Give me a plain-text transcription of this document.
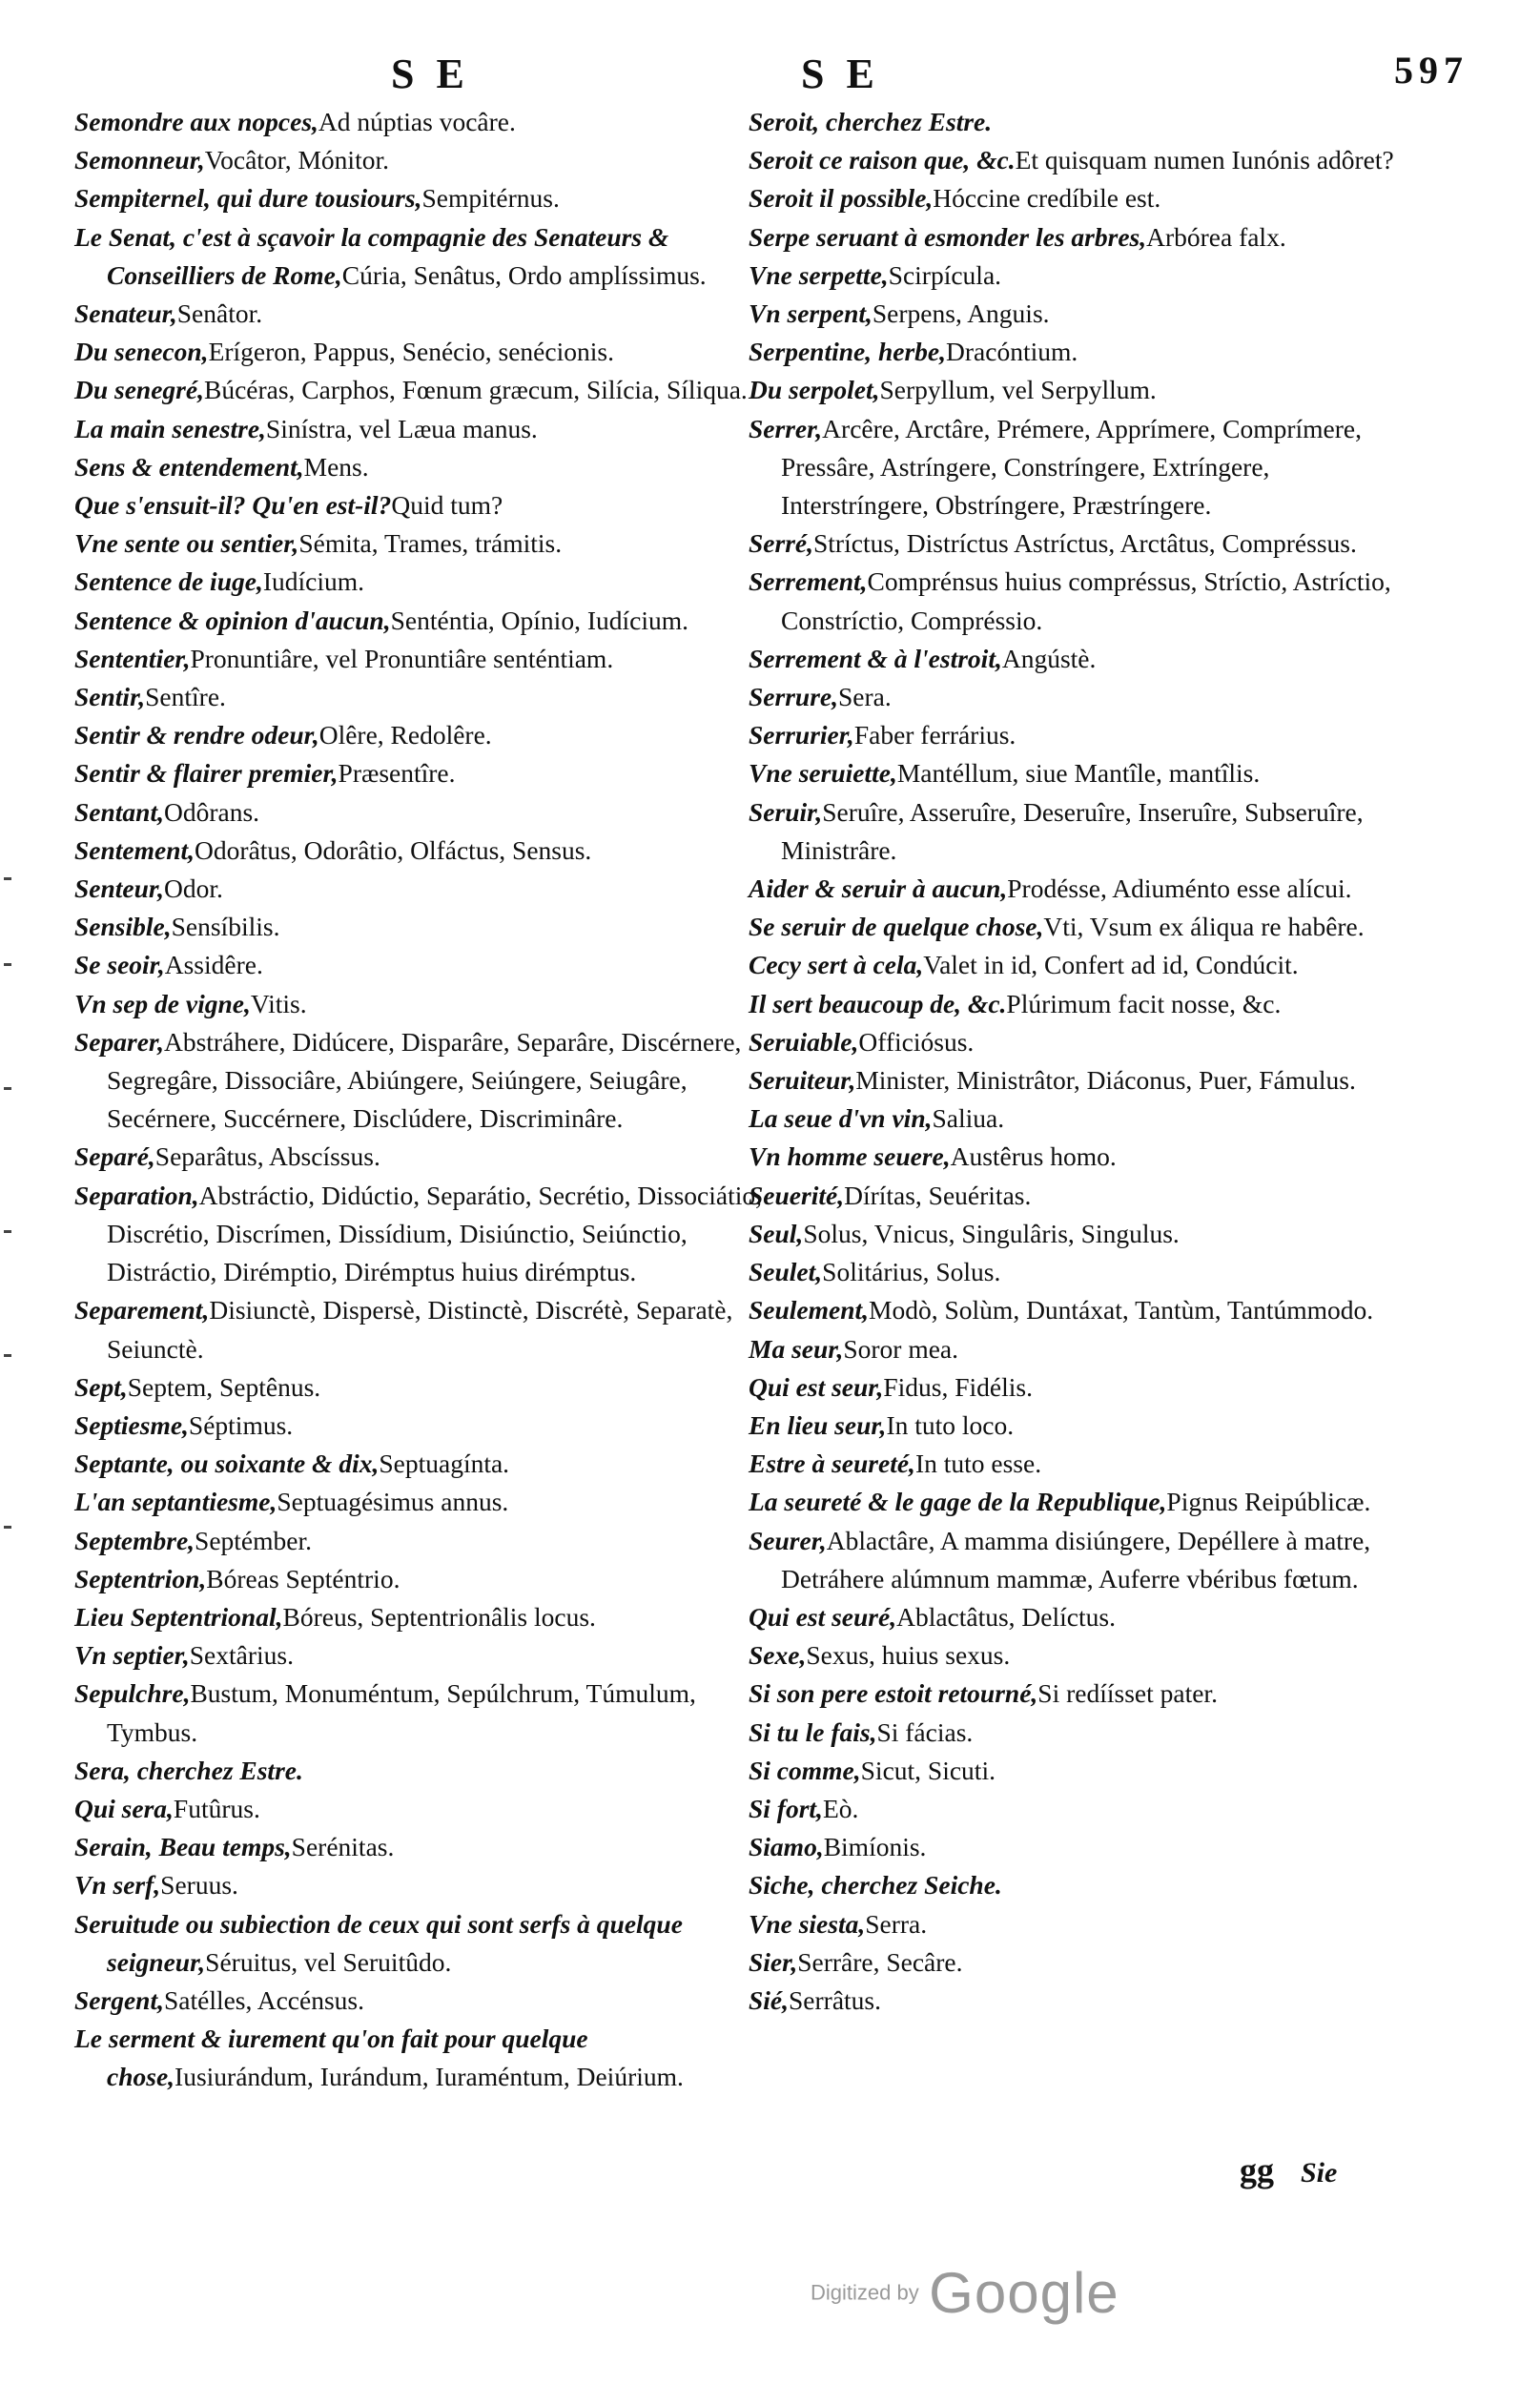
S E	S E	597

Semondre aux nopces,Ad núptias vocâre.

Semonneur,Vocâtor, Mónitor.

Sempiternel, qui dure tousiours,Sempitérnus.

Le Senat, c'est à sçavoir la compagnie des Senateurs & Conseilliers de Rome,Cúria, Senâtus, Ordo amplíssimus.

Senateur,Senâtor.

Du senecon,Erígeron, Pappus, Senécio, senécionis.

Du senegré,Búcéras, Carphos, Fœnum græcum, Silícia, Síliqua.

La main senestre,Sinístra, vel Læua manus.

Sens & entendement,Mens.

Que s'ensuit-il? Qu'en est-il?Quid tum?

Vne sente ou sentier,Sémita, Trames, trámitis.

Sentence de iuge,Iudícium.

Sentence & opinion d'aucun,Senténtia, Opínio, Iudícium.

Sententier,Pronuntiâre, vel Pronuntiâre senténtiam.

Sentir,Sentîre.

Sentir & rendre odeur,Olêre, Redolêre.

Sentir & flairer premier,Præsentîre.

Sentant,Odôrans.

Sentement,Odorâtus, Odorâtio, Olfáctus, Sensus.

Senteur,Odor.

Sensible,Sensíbilis.

Se seoir,Assidêre.

Vn sep de vigne,Vitis.

Separer,Abstráhere, Didúcere, Disparâre, Separâre, Discérnere, Segregâre, Dissociâre, Abiúngere, Seiúngere, Seiugâre, Secérnere, Succérnere, Disclúdere, Discriminâre.

Separé,Separâtus, Abscíssus.

Separation,Abstráctio, Didúctio, Separátio, Secrétio, Dissociátio, Discrétio, Discrímen, Dissídium, Disiúnctio, Seiúnctio, Distráctio, Dirémptio, Dirémptus huius dirémptus.

Separement,Disiunctè, Dispersè, Distinctè, Discrétè, Separatè, Seiunctè.

Sept,Septem, Septênus.

Septiesme,Séptimus.

Septante, ou soixante & dix,Septuagínta.

L'an septantiesme,Septuagésimus annus.

Septembre,Septémber.

Septentrion,Bóreas Septéntrio.

Lieu Septentrional,Bóreus, Septentrionâlis locus.

Vn septier,Sextârius.

Sepulchre,Bustum, Monuméntum, Sepúlchrum, Túmulum, Tymbus.

Sera, cherchez Estre.

Qui sera,Futûrus.

Serain, Beau temps,Serénitas.

Vn serf,Seruus.

Seruitude ou subiection de ceux qui sont serfs à quelque seigneur,Séruitus, vel Seruitûdo.

Sergent,Satélles, Accénsus.

Le serment & iurement qu'on fait pour quelque chose,Iusiurándum, Iurándum, Iuraméntum, Deiúrium.

Seroit, cherchez Estre.

Seroit ce raison que, &c.Et quisquam numen Iunónis adôret?

Seroit il possible,Hóccine credíbile est.

Serpe seruant à esmonder les arbres,Arbórea falx.

Vne serpette,Scirpícula.

Vn serpent,Serpens, Anguis.

Serpentine, herbe,Dracóntium.

Du serpolet,Serpyllum, vel Serpyllum.

Serrer,Arcêre, Arctâre, Prémere, Apprímere, Comprímere, Pressâre, Astríngere, Constríngere, Extríngere, Interstríngere, Obstríngere, Præstríngere.

Serré,Stríctus, Distríctus Astríctus, Arctâtus, Compréssus.

Serrement,Comprénsus huius compréssus, Stríctio, Astríctio, Constríctio, Compréssio.

Serrement & à l'estroit,Angústè.

Serrure,Sera.

Serrurier,Faber ferrárius.

Vne seruiette,Mantéllum, siue Mantîle, mantîlis.

Seruir,Seruîre, Asseruîre, Deseruîre, Inseruîre, Subseruîre, Ministrâre.

Aider & seruir à aucun,Prodésse, Adiuménto esse alícui.

Se seruir de quelque chose,Vti, Vsum ex áliqua re habêre.

Cecy sert à cela,Valet in id, Confert ad id, Condúcit.

Il sert beaucoup de, &c.Plúrimum facit nosse, &c.

Seruiable,Officiósus.

Seruiteur,Minister, Ministrâtor, Diáconus, Puer, Fámulus.

La seue d'vn vin,Saliua.

Vn homme seuere,Austêrus homo.

Seuerité,Dírítas, Seuéritas.

Seul,Solus, Vnicus, Singulâris, Singulus.

Seulet,Solitárius, Solus.

Seulement,Modò, Solùm, Duntáxat, Tantùm, Tantúmmodo.

Ma seur,Soror mea.

Qui est seur,Fidus, Fidélis.

En lieu seur,In tuto loco.

Estre à seureté,In tuto esse.

La seureté & le gage de la Republique,Pignus Reipúblicæ.

Seurer,Ablactâre, A mamma disiúngere, Depéllere à matre, Detráhere alúmnum mammæ, Auferre vbéribus fœtum.

Qui est seuré,Ablactâtus, Delíctus.

Sexe,Sexus, huius sexus.

Si son pere estoit retourné,Si redíísset pater.

Si tu le fais,Si fácias.

Si comme,Sicut, Sicuti.

Si fort,Eò.

Siamo,Bimíonis.

Siche, cherchez Seiche.

Vne siesta,Serra.

Sier,Serrâre, Secâre.

Sié,Serrâtus.

gg Sie
Digitized by Google
